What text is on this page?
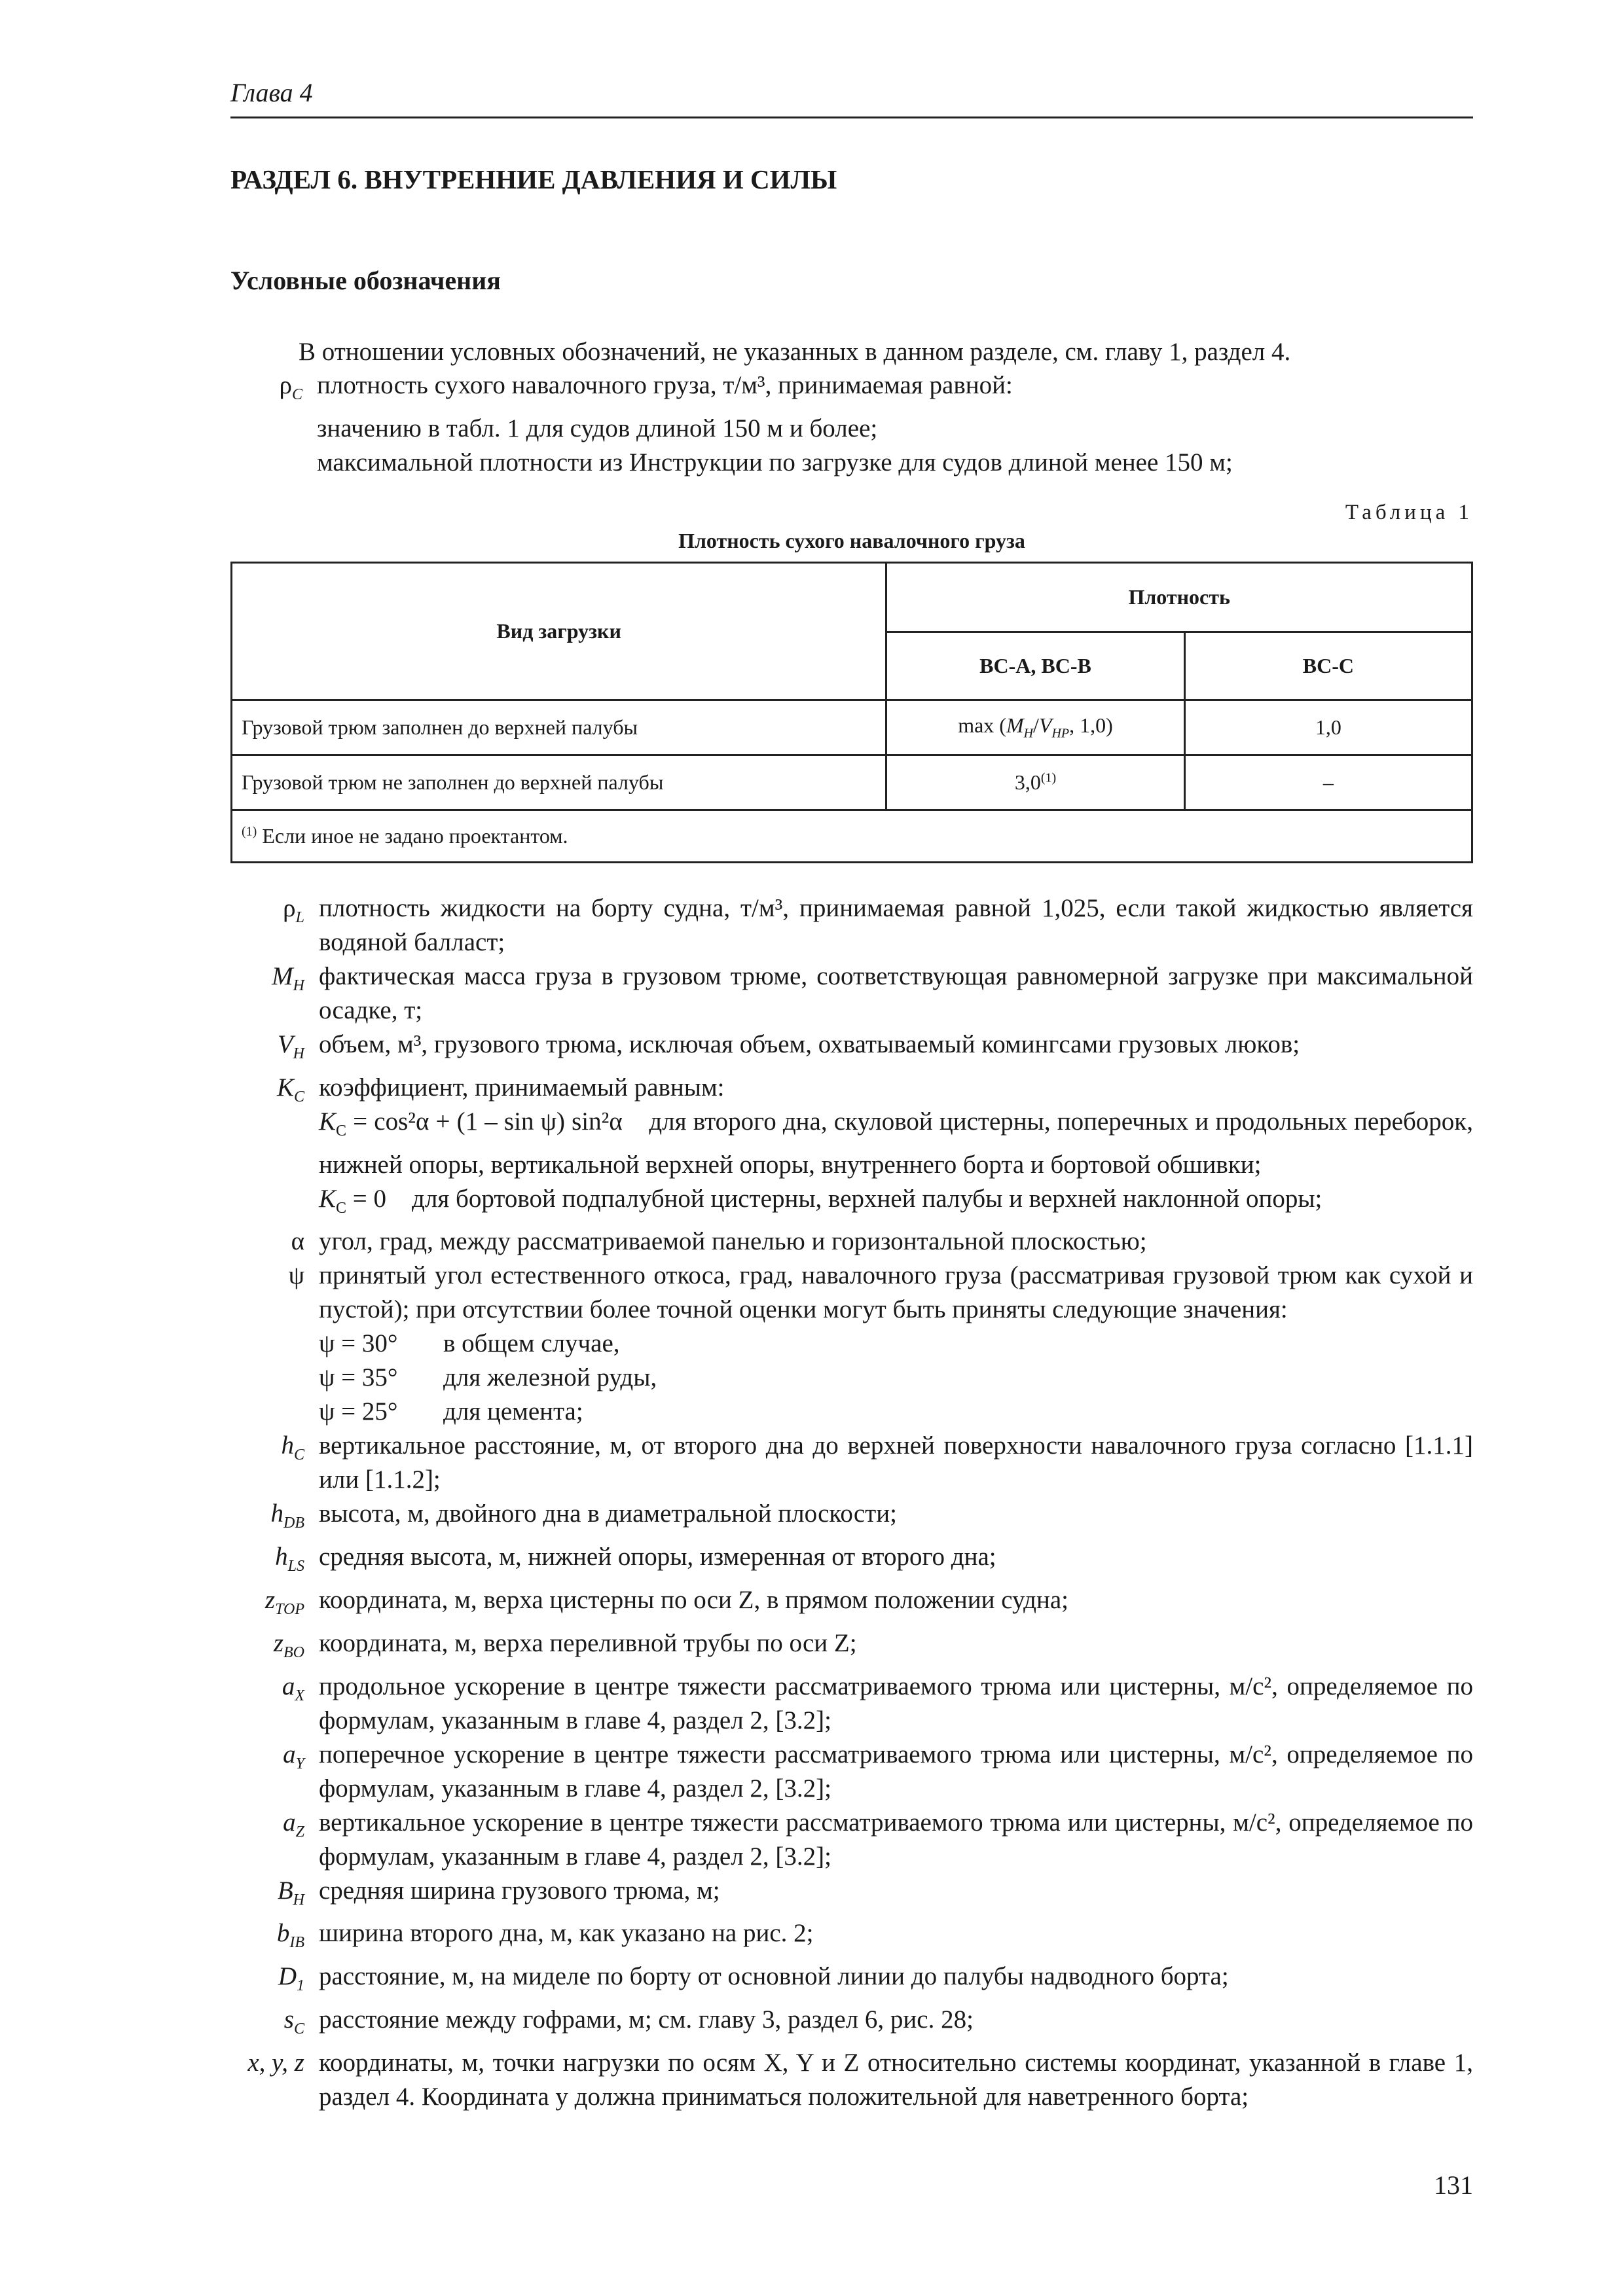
Глава 4
РАЗДЕЛ 6. ВНУТРЕННИЕ ДАВЛЕНИЯ И СИЛЫ
Условные обозначения
В отношении условных обозначений, не указанных в данном разделе, см. главу 1, раздел 4.
$\rho_C$ плотность сухого навалочного груза, т/м³, принимаемая равной:
значению в табл. 1 для судов длиной 150 м и более;
максимальной плотности из Инструкции по загрузке для судов длиной менее 150 м;
Таблица 1
Плотность сухого навалочного груза
Вид загрузки	Плотность	
	BC-A, BC-B	BC-C
Грузовой трюм заполнен до верхней палубы	$\max (M_H/V_{HP}$, 1,0)	1,0
Грузовой трюм не заполнен до верхней палубы	3,0$^{(1)}$	–
$^{(1)}$ Если иное не задано проектантом.		
$\rho_L$ плотность жидкости на борту судна, т/м³, принимаемая равной 1,025, если такой жидкостью является водяной балласт;
$M_H$ фактическая масса груза в грузовом трюме, соответствующая равномерной загрузке при максимальной осадке, т;
$V_H$ объем, м³, грузового трюма, исключая объем, охватываемый комингсами грузовых люков;
$K_C$ коэффициент, принимаемый равным:
$K_C = \cos^2\alpha + (1 - \sin \psi)$ sin²α для второго дна, скуловой цистерны, поперечных и продольных переборок, нижней опоры, вертикальной верхней опоры, внутреннего борта и бортовой обшивки;
$K_C = 0$ для бортовой подпалубной цистерны, верхней палубы и верхней наклонной опоры;
α угол, град, между рассматриваемой панелью и горизонтальной плоскостью;
ψ принятый угол естественного откоса, град, навалочного груза (рассматривая грузовой трюм как сухой и пустой); при отсутствии более точной оценки могут быть приняты следующие значения:
ψ = 30° в общем случае,
ψ = 35° для железной руды,
ψ = 25° для цемента;
$h_C$ вертикальное расстояние, м, от второго дна до верхней поверхности навалочного груза согласно [1.1.1] или [1.1.2];
$h_{DB}$ высота, м, двойного дна в диаметральной плоскости;
$h_{LS}$ средняя высота, м, нижней опоры, измеренная от второго дна;
$z_{TOP}$ координата, м, верха цистерны по оси Z, в прямом положении судна;
$z_{BO}$ координата, м, верха переливной трубы по оси Z;
$a_X$ продольное ускорение в центре тяжести рассматриваемого трюма или цистерны, м/с², определяемое по формулам, указанным в главе 4, раздел 2, [3.2];
$a_Y$ поперечное ускорение в центре тяжести рассматриваемого трюма или цистерны, м/с², определяемое по формулам, указанным в главе 4, раздел 2, [3.2];
$a_Z$ вертикальное ускорение в центре тяжести рассматриваемого трюма или цистерны, м/с², определяемое по формулам, указанным в главе 4, раздел 2, [3.2];
$B_H$ средняя ширина грузового трюма, м;
$b_{IB}$ ширина второго дна, м, как указано на рис. 2;
$D_1$ расстояние, м, на миделе по борту от основной линии до палубы надводного борта;
$s_C$ расстояние между гофрами, м; см. главу 3, раздел 6, рис. 28;
x, y, z координаты, м, точки нагрузки по осям X, Y и Z относительно системы координат, указанной в главе 1, раздел 4. Координата y должна приниматься положительной для наветренного борта;
131
